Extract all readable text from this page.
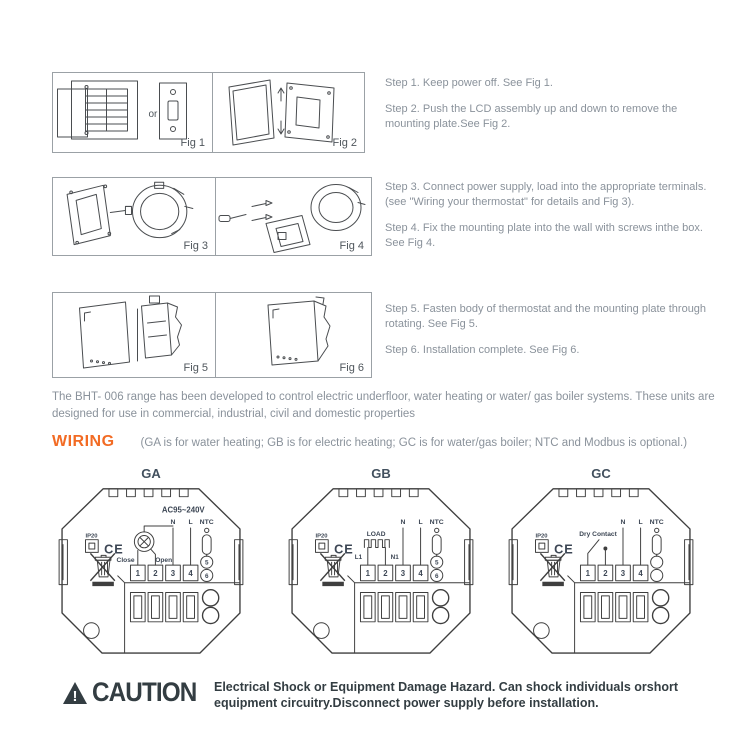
or
Fig 1	Fig 2
Fig 3	Fig 4
Fig 5	Fig 6

Step 1. Keep power off. See Fig 1.

Step 2. Push the LCD assembly up and down to remove the mounting plate.See Fig 2.

Step 3. Connect power supply, load into the appropriate terminals. (see "Wiring your thermostat" for details and Fig 3).

Step 4. Fix the mounting plate into the wall with screws inthe box. See Fig 4.

Step 5. Fasten body of thermostat and the mounting plate through rotating. See Fig 5.

Step 6. Installation complete. See Fig 6.

The BHT- 006 range has been developed to control electric underfloor, water heating or water/ gas boiler systems. These units are designed for use in commercial, industrial, civil and domestic properties

WIRING (GA is for water heating; GB is for electric heating; GC is for water/gas boiler; NTC and Modbus is optional.)
GA
AC95~240V
N L NTC
Close	Open
1 2 3 4
5
6
IP20
CE
GB
N L NTC
LOAD
L1	N1
1 2 3 4
5
6
IP20
CE
GC
N L NTC
Dry Contact
1 2 3 4
IP20
CE
! CAUTION Electrical Shock or Equipment Damage Hazard. Can shock individuals orshort equipment circuitry.Disconnect power supply before installation.
